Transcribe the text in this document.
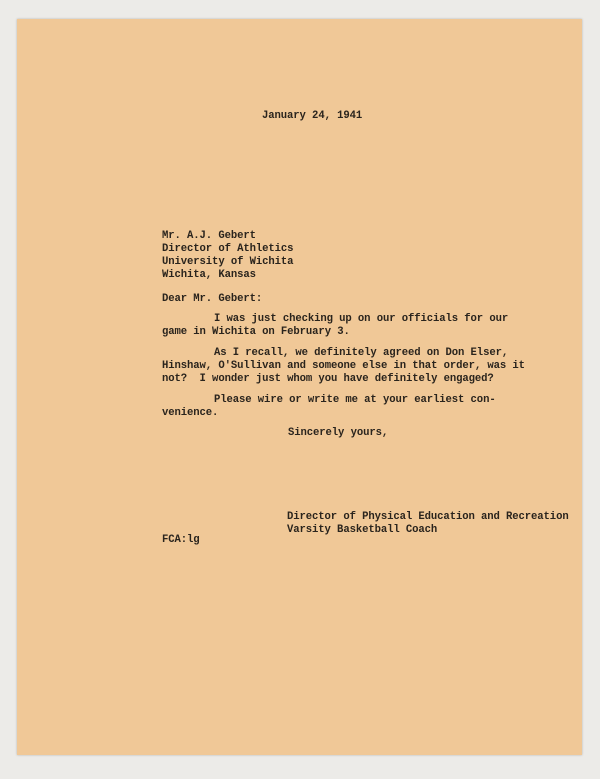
January 24, 1941
Mr. A.J. Gebert
Director of Athletics
University of Wichita
Wichita, Kansas
Dear Mr. Gebert:
I was just checking up on our officials for our
game in Wichita on February 3.
As I recall, we definitely agreed on Don Elser,
Hinshaw, O'Sullivan and someone else in that order, was it
not?  I wonder just whom you have definitely engaged?
Please wire or write me at your earliest con-
venience.
Sincerely yours,
Director of Physical Education and Recreation
Varsity Basketball Coach
FCA:lg
